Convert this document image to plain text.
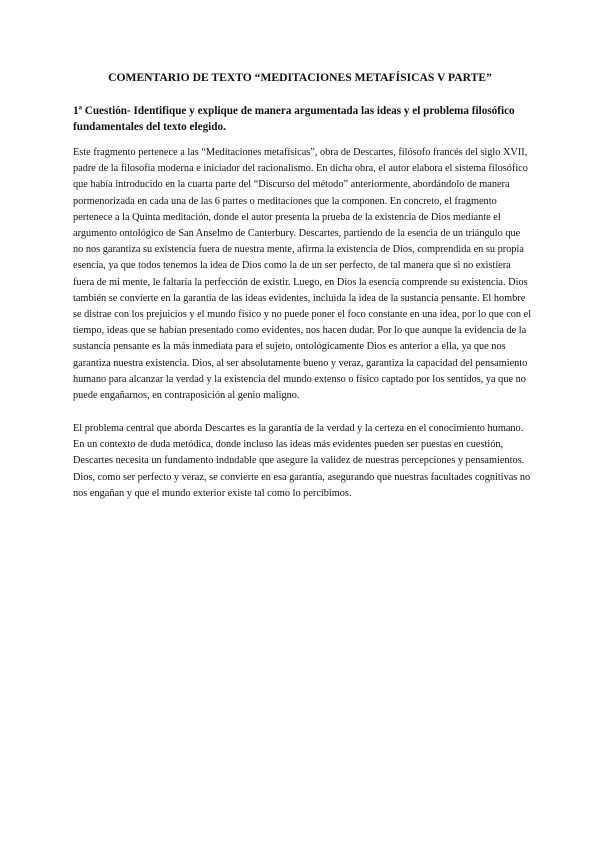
COMENTARIO DE TEXTO “MEDITACIONES METAFÍSICAS V PARTE”

1ª Cuestión- Identifique y explique de manera argumentada las ideas y el problema filosófico fundamentales del texto elegido.

Este fragmento pertenece a las “Meditaciones metafísicas”, obra de Descartes, filósofo francés del siglo XVII, padre de la filosofía moderna e iniciador del racionalismo. En dicha obra, el autor elabora el sistema filosófico que había introducido en la cuarta parte del “Discurso del método” anteriormente, abordándolo de manera pormenorizada en cada una de las 6 partes o meditaciones que la componen. En concreto, el fragmento pertenece a la Quinta meditación, donde el autor presenta la prueba de la existencia de Dios mediante el argumento ontológico de San Anselmo de Canterbury. Descartes, partiendo de la esencia de un triángulo que no nos garantiza su existencia fuera de nuestra mente, afirma la existencia de Dios, comprendida en su propia esencia, ya que todos tenemos la idea de Dios como la de un ser perfecto, de tal manera que si no existiera fuera de mi mente, le faltaría la perfección de existir. Luego, en Dios la esencia comprende su existencia. Dios también se convierte en la garantía de las ideas evidentes, incluida la idea de la sustancia pensante. El hombre se distrae con los prejuicios y el mundo físico y no puede poner el foco constante en una idea, por lo que con el tiempo, ideas que se habían presentado como evidentes, nos hacen dudar. Por lo que aunque la evidencia de la sustancia pensante es la más inmediata para el sujeto, ontológicamente Dios es anterior a ella, ya que nos garantiza nuestra existencia. Dios, al ser absolutamente bueno y veraz, garantiza la capacidad del pensamiento humano para alcanzar la verdad y la existencia del mundo extenso o físico captado por los sentidos, ya que no puede engañarnos, en contraposición al genio maligno.

El problema central que aborda Descartes es la garantía de la verdad y la certeza en el conocimiento humano. En un contexto de duda metódica, donde incluso las ideas más evidentes pueden ser puestas en cuestión, Descartes necesita un fundamento indudable que asegure la validez de nuestras percepciones y pensamientos. Dios, como ser perfecto y veraz, se convierte en esa garantía, asegurando que nuestras facultades cognitivas no nos engañan y que el mundo exterior existe tal como lo percibimos.
